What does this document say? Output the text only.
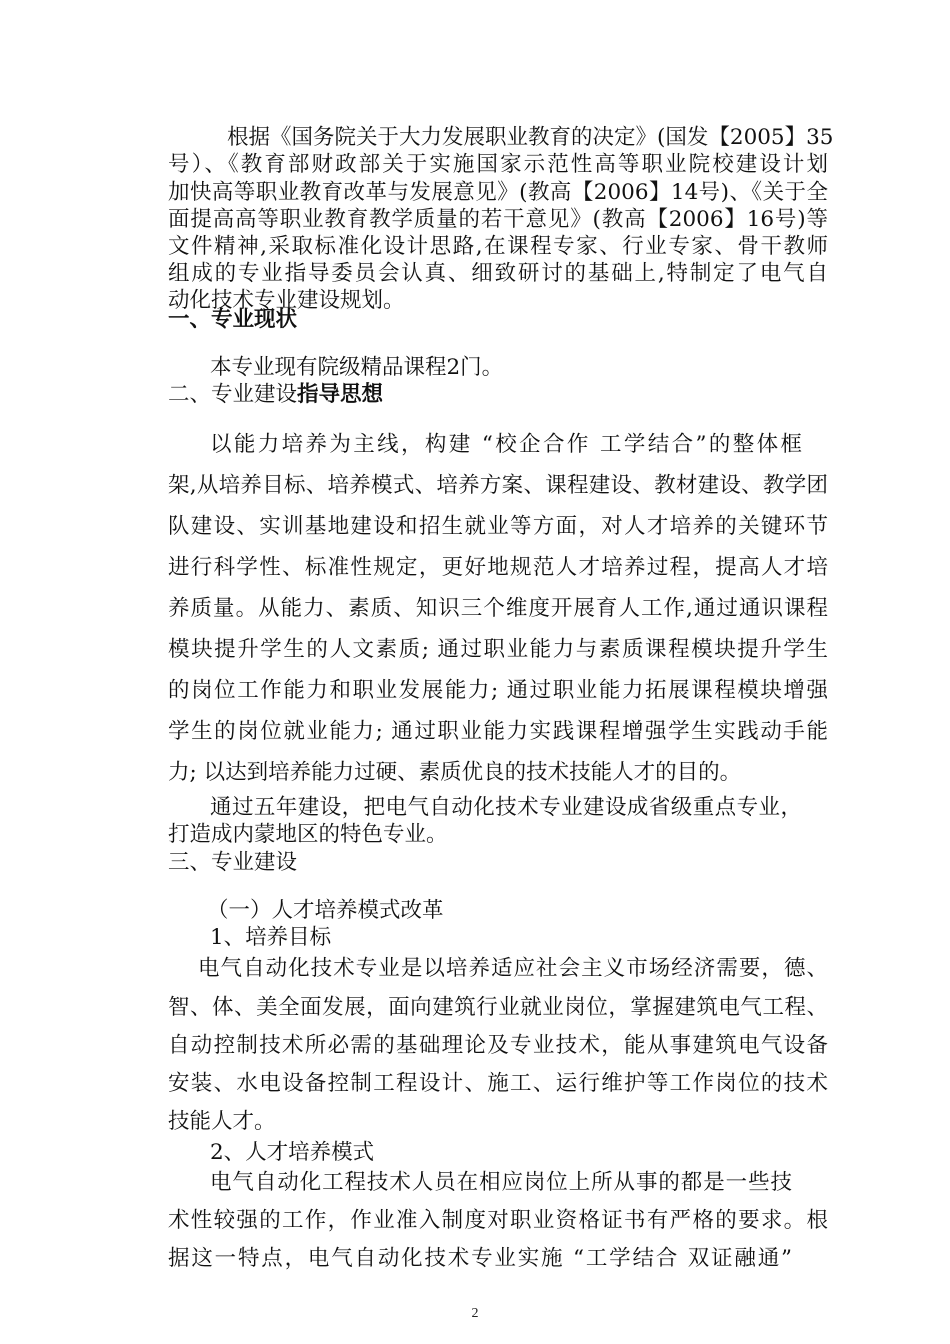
根据《国务院关于大力发展职业教育的决定》(国发【2005】35
号）、《教育部财政部关于实施国家示范性高等职业院校建设计划
加快高等职业教育改革与发展意见》(教高【2006】14号)、《关于全
面提高高等职业教育教学质量的若干意见》(教高【2006】16号)等
文件精神,采取标准化设计思路,在课程专家、行业专家、骨干教师
组成的专业指导委员会认真、细致研讨的基础上,特制定了电气自
动化技术专业建设规划。
一、专业现状
本专业现有院级精品课程2门。
二、专业建设指导思想
以能力培养为主线，构建 “校企合作 工学结合”的整体框
架,从培养目标、培养模式、培养方案、课程建设、教材建设、教学团
队建设、实训基地建设和招生就业等方面，对人才培养的关键环节
进行科学性、标准性规定，更好地规范人才培养过程，提高人才培
养质量。从能力、素质、知识三个维度开展育人工作,通过通识课程
模块提升学生的人文素质; 通过职业能力与素质课程模块提升学生
的岗位工作能力和职业发展能力; 通过职业能力拓展课程模块增强
学生的岗位就业能力; 通过职业能力实践课程增强学生实践动手能
力; 以达到培养能力过硬、素质优良的技术技能人才的目的。
通过五年建设，把电气自动化技术专业建设成省级重点专业，
打造成内蒙地区的特色专业。
三、专业建设
（一）人才培养模式改革
1、培养目标
电气自动化技术专业是以培养适应社会主义市场经济需要，德、
智、体、美全面发展，面向建筑行业就业岗位，掌握建筑电气工程、
自动控制技术所必需的基础理论及专业技术，能从事建筑电气设备
安装、水电设备控制工程设计、施工、运行维护等工作岗位的技术
技能人才。
2、人才培养模式
电气自动化工程技术人员在相应岗位上所从事的都是一些技
术性较强的工作，作业准入制度对职业资格证书有严格的要求。根
据这一特点，电气自动化技术专业实施 “工学结合 双证融通”
2
